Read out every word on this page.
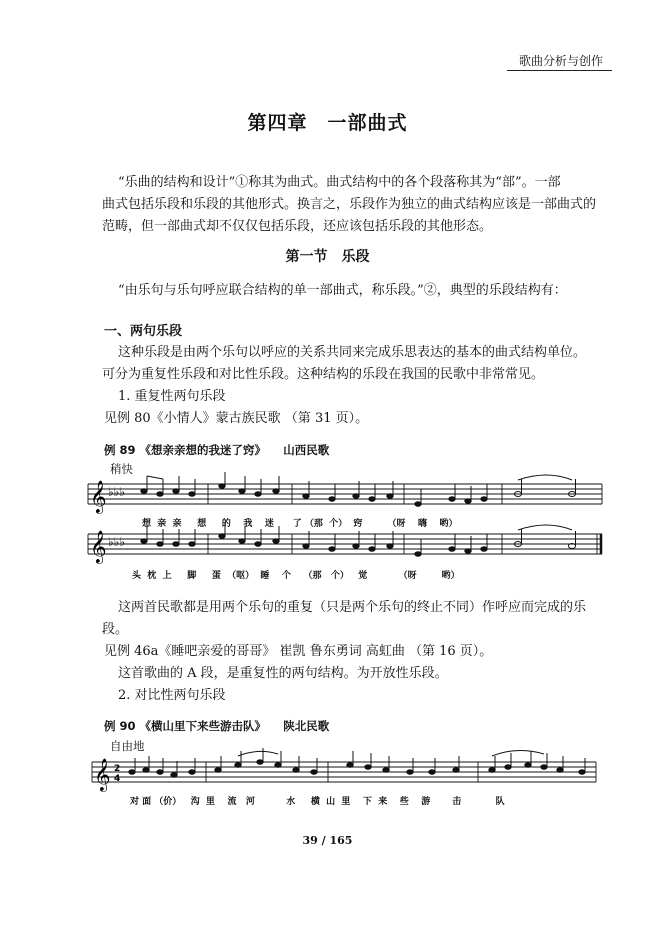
歌曲分析与创作
第四章　一部曲式
“乐曲的结构和设计”①称其为曲式。曲式结构中的各个段落称其为“部”。一部
曲式包括乐段和乐段的其他形式。换言之，乐段作为独立的曲式结构应该是一部曲式的
范畴，但一部曲式却不仅仅包括乐段，还应该包括乐段的其他形态。
第一节　乐段
“由乐句与乐句呼应联合结构的单一部曲式，称乐段。”②，典型的乐段结构有：
一、两句乐段
这种乐段是由两个乐句以呼应的关系共同来完成乐思表达的基本的曲式结构单位。
可分为重复性乐段和对比性乐段。这种结构的乐段在我国的民歌中非常常见。
1. 重复性两句乐段
见例 80《小情人》蒙古族民歌 （第 31 页）。
例 89 《想亲亲想的我迷了窍》　　山西民歌
稍快
𝄞 ♭♭♭
𝄞 ♭♭♭
想  亲  亲     想     的    我    迷      了 （那  个）  窍        （呀    嗨    哟）
头  枕  上     脚     蛋  （呕）  睡    个    （那   个）   觉          （呀        哟）
这两首民歌都是用两个乐句的重复（只是两个乐句的终止不同）作呼应而完成的乐
段。
见例 46a《睡吧亲爱的哥哥》 崔凯 鲁东勇词 高虹曲 （第 16 页）。
这首歌曲的 A 段，是重复性的两句结构。为开放性乐段。
2. 对比性两句乐段
例 90 《横山里下来些游击队》　　陕北民歌
自由地
𝄞 2
4
对 面 （价）   沟  里    流   河          水     横  山  里    下  来    些    游       击           队
39 / 165
